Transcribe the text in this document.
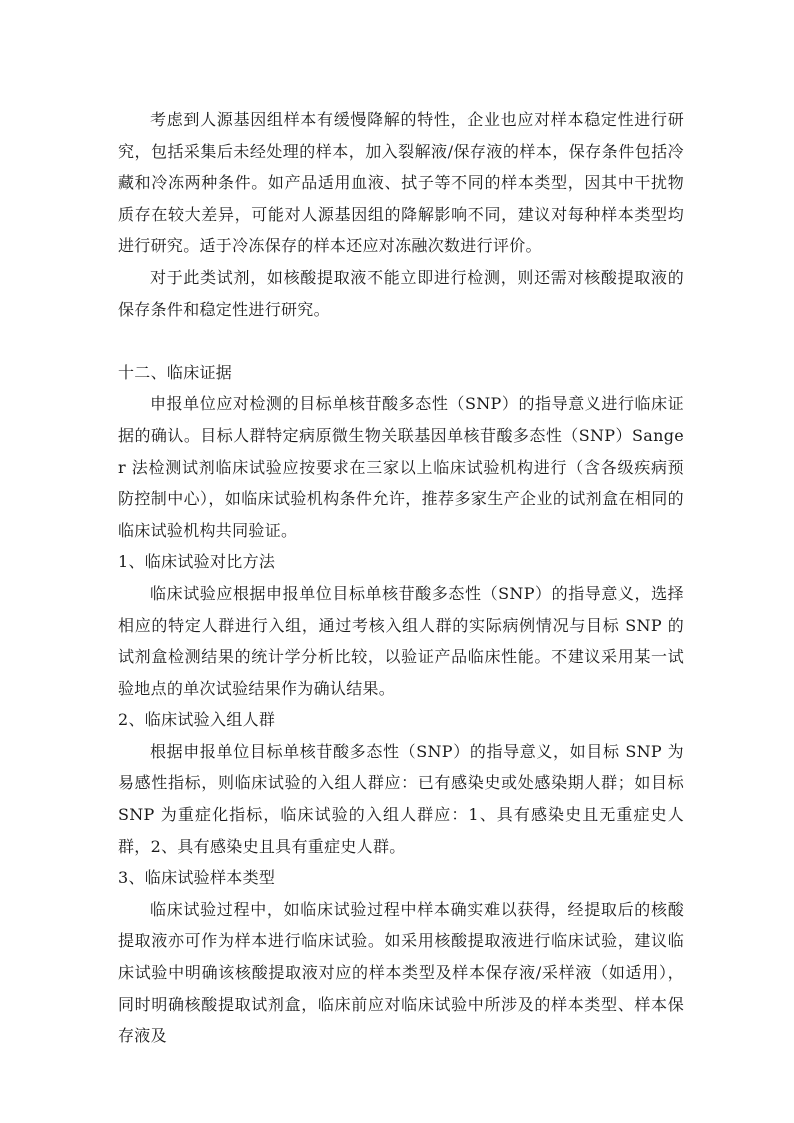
考虑到人源基因组样本有缓慢降解的特性，企业也应对样本稳定性进行研究，包括采集后未经处理的样本，加入裂解液/保存液的样本，保存条件包括冷藏和冷冻两种条件。如产品适用血液、拭子等不同的样本类型，因其中干扰物质存在较大差异，可能对人源基因组的降解影响不同，建议对每种样本类型均进行研究。适于冷冻保存的样本还应对冻融次数进行评价。

对于此类试剂，如核酸提取液不能立即进行检测，则还需对核酸提取液的保存条件和稳定性进行研究。

十二、临床证据

申报单位应对检测的目标单核苷酸多态性（SNP）的指导意义进行临床证据的确认。目标人群特定病原微生物关联基因单核苷酸多态性（SNP）Sanger 法检测试剂临床试验应按要求在三家以上临床试验机构进行（含各级疾病预防控制中心），如临床试验机构条件允许，推荐多家生产企业的试剂盒在相同的临床试验机构共同验证。

1、临床试验对比方法

临床试验应根据申报单位目标单核苷酸多态性（SNP）的指导意义，选择相应的特定人群进行入组，通过考核入组人群的实际病例情况与目标 SNP 的试剂盒检测结果的统计学分析比较，以验证产品临床性能。不建议采用某一试验地点的单次试验结果作为确认结果。

2、临床试验入组人群

根据申报单位目标单核苷酸多态性（SNP）的指导意义，如目标 SNP 为易感性指标，则临床试验的入组人群应：已有感染史或处感染期人群；如目标 SNP 为重症化指标，临床试验的入组人群应：1、具有感染史且无重症史人群，2、具有感染史且具有重症史人群。

3、临床试验样本类型

临床试验过程中，如临床试验过程中样本确实难以获得，经提取后的核酸提取液亦可作为样本进行临床试验。如采用核酸提取液进行临床试验，建议临床试验中明确该核酸提取液对应的样本类型及样本保存液/采样液（如适用），同时明确核酸提取试剂盒，临床前应对临床试验中所涉及的样本类型、样本保存液及
